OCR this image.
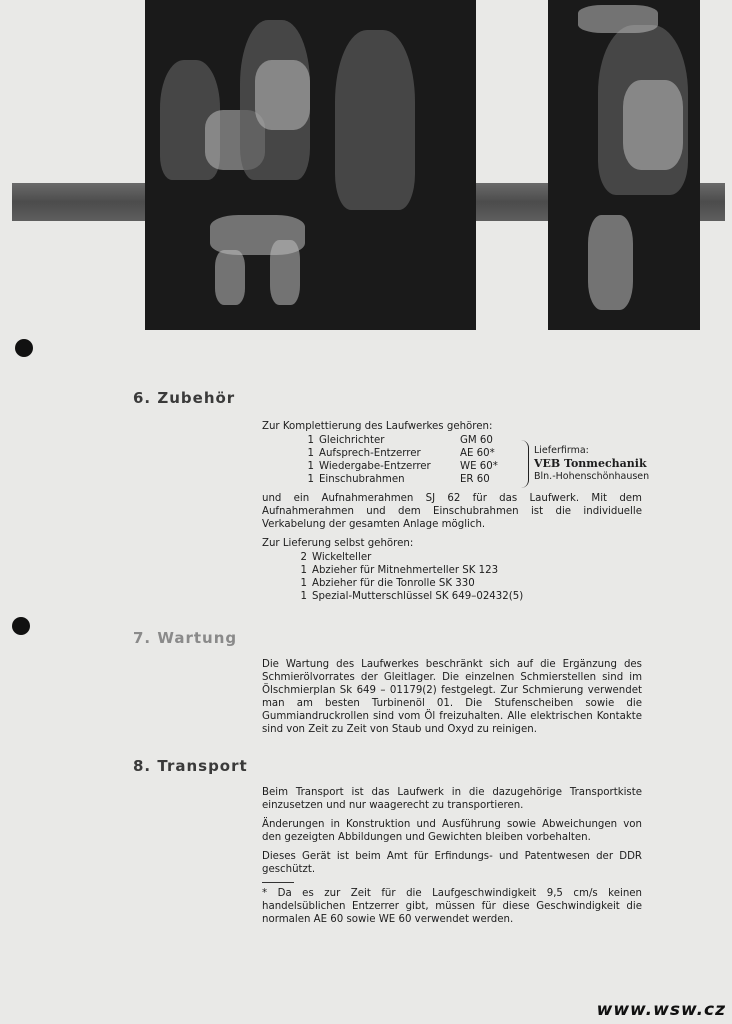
6. Zubehör

Zur Komplettierung des Laufwerkes gehören:

1 Gleichrichter	GM 60
1 Aufsprech-Entzerrer	AE 60*
1 Wiedergabe-Entzerrer	WE 60*
1 Einschubrahmen	ER 60

und ein Aufnahmerahmen SJ 62 für das Laufwerk. Mit dem Aufnahmerahmen und dem Einschubrahmen ist die individuelle Verkabelung der gesamten Anlage möglich.

Zur Lieferung selbst gehören:

2 Wickelteller
1 Abzieher für Mitnehmerteller SK 123
1 Abzieher für die Tonrolle SK 330
1 Spezial-Mutterschlüssel SK 649–02432(5)
Lieferfirma:
VEB Tonmechanik
Bln.-Hohenschönhausen
7. Wartung

Die Wartung des Laufwerkes beschränkt sich auf die Ergänzung des Schmierölvorrates der Gleitlager. Die einzelnen Schmierstellen sind im Ölschmierplan Sk 649 – 01179(2) festgelegt. Zur Schmierung verwendet man am besten Turbinenöl 01. Die Stufenscheiben sowie die Gummiandruckrollen sind vom Öl freizuhalten. Alle elektrischen Kontakte sind von Zeit zu Zeit von Staub und Oxyd zu reinigen.

8. Transport

Beim Transport ist das Laufwerk in die dazugehörige Transportkiste einzusetzen und nur waagerecht zu transportieren.

Änderungen in Konstruktion und Ausführung sowie Abweichungen von den gezeigten Abbildungen und Gewichten bleiben vorbehalten.

Dieses Gerät ist beim Amt für Erfindungs- und Patentwesen der DDR geschützt.

* Da es zur Zeit für die Laufgeschwindigkeit 9,5 cm/s keinen handelsüblichen Entzerrer gibt, müssen für diese Geschwindigkeit die normalen AE 60 sowie WE 60 verwendet werden.

www.wsw.cz
